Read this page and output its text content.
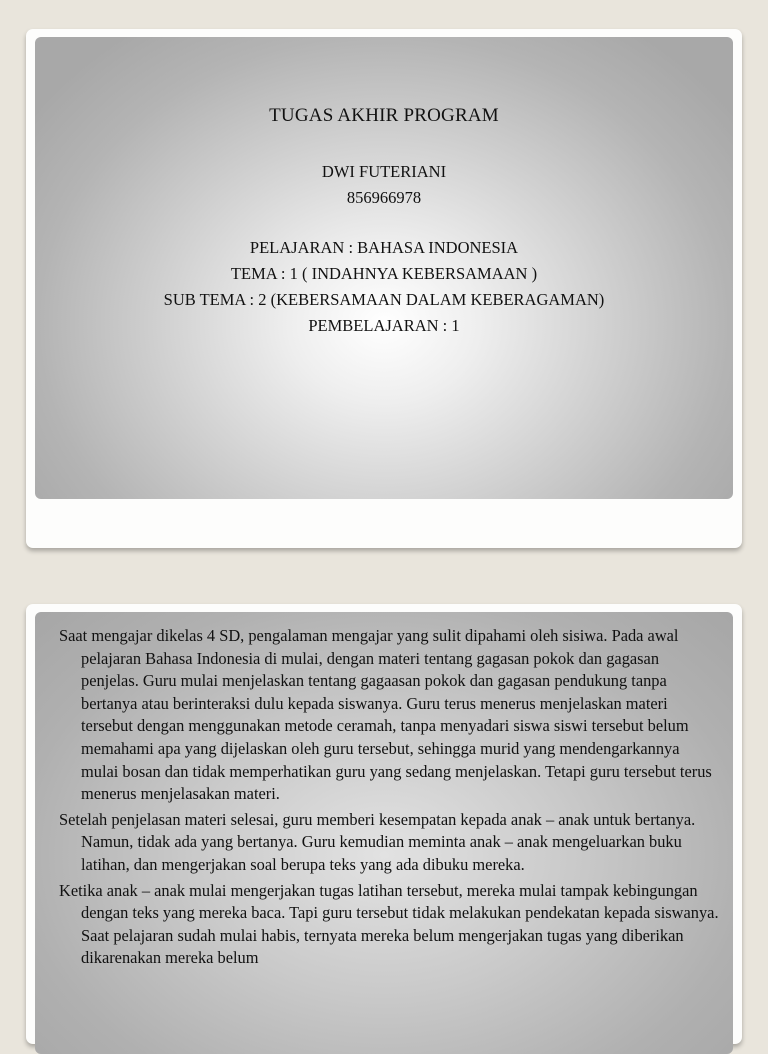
TUGAS AKHIR PROGRAM
DWI FUTERIANI
856966978
PELAJARAN : BAHASA INDONESIA
TEMA : 1 ( INDAHNYA KEBERSAMAAN )
SUB TEMA : 2 (KEBERSAMAAN DALAM KEBERAGAMAN)
PEMBELAJARAN : 1

Saat mengajar dikelas 4 SD, pengalaman mengajar yang sulit dipahami oleh sisiwa. Pada awal pelajaran Bahasa Indonesia di mulai, dengan materi tentang gagasan pokok dan gagasan penjelas. Guru mulai menjelaskan tentang gagaasan pokok dan gagasan pendukung tanpa bertanya atau berinteraksi dulu kepada siswanya. Guru terus menerus menjelaskan materi tersebut dengan menggunakan metode ceramah, tanpa menyadari siswa siswi tersebut belum memahami apa yang dijelaskan oleh guru tersebut, sehingga murid yang mendengarkannya mulai bosan dan tidak memperhatikan guru yang sedang menjelaskan. Tetapi guru tersebut terus menerus menjelasakan materi.

Setelah penjelasan materi selesai, guru memberi kesempatan kepada anak – anak untuk bertanya. Namun, tidak ada yang bertanya. Guru kemudian meminta anak – anak mengeluarkan buku latihan, dan mengerjakan soal berupa teks yang ada dibuku mereka.

Ketika anak – anak mulai mengerjakan tugas latihan tersebut, mereka mulai tampak kebingungan dengan teks yang mereka baca. Tapi guru tersebut tidak melakukan pendekatan kepada siswanya. Saat pelajaran sudah mulai habis, ternyata mereka belum mengerjakan tugas yang diberikan dikarenakan mereka belum
